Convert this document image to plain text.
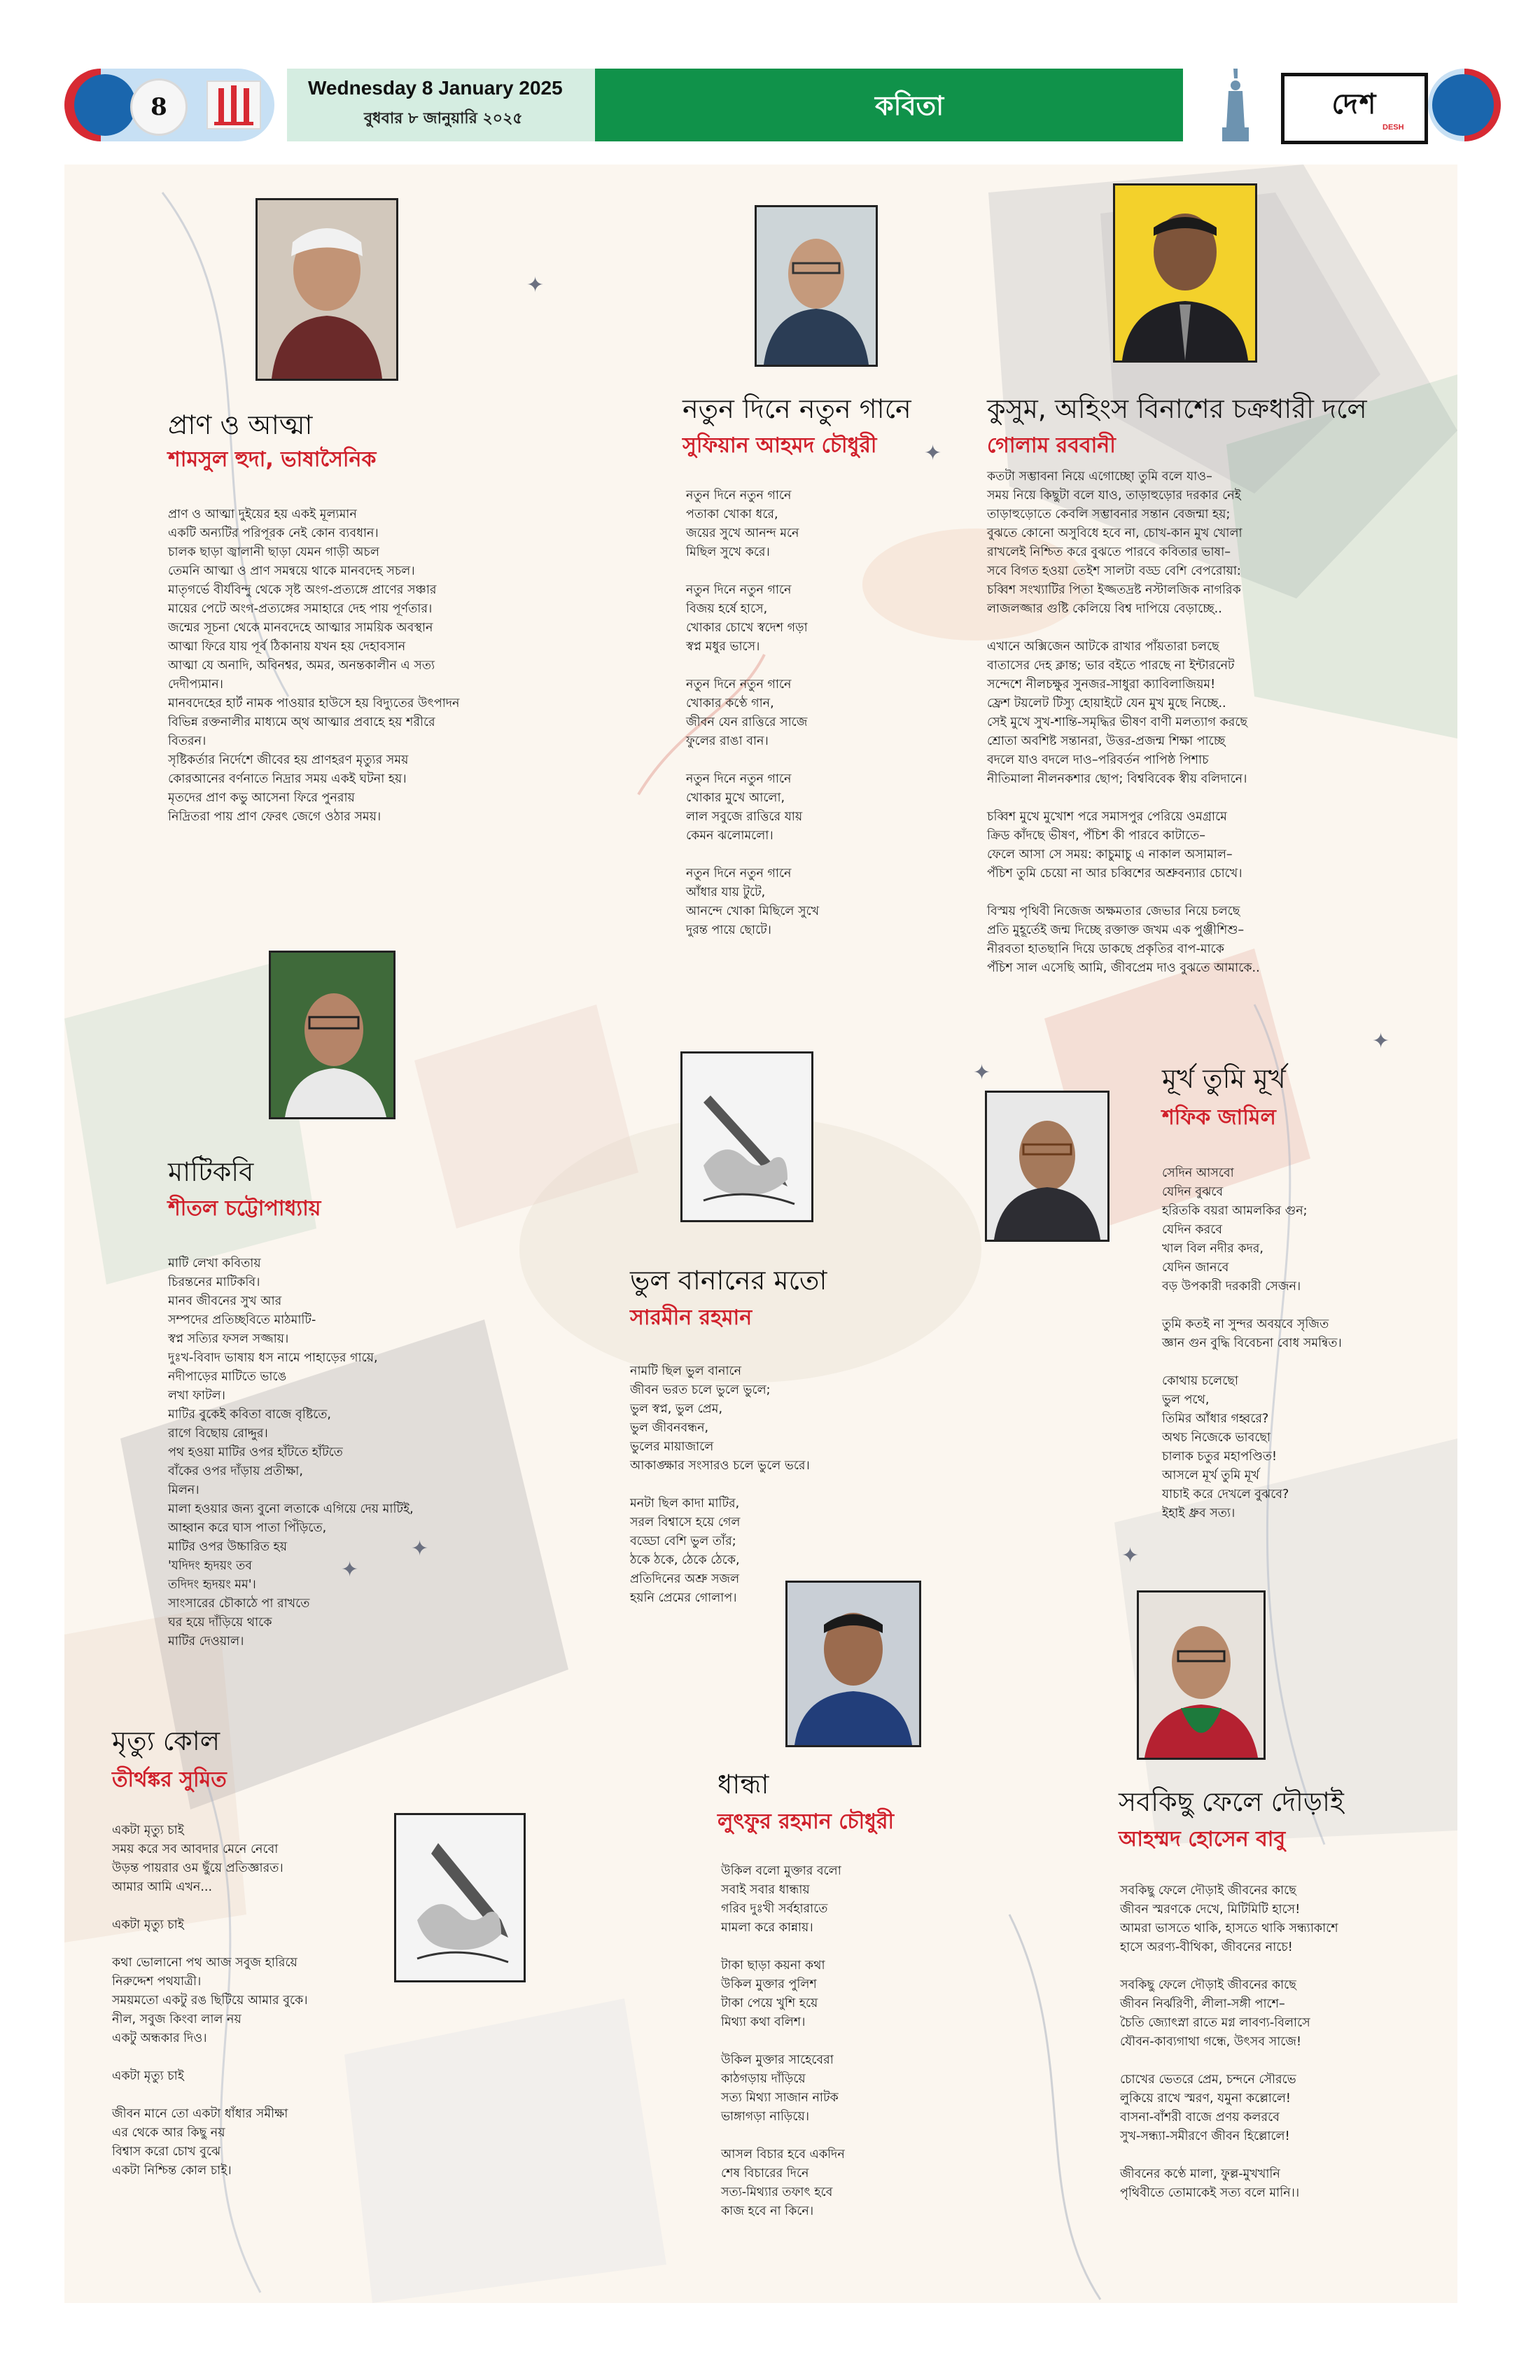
8
Wednesday 8 January 2025
বুধবার ৮ জানুয়ারি ২০২৫	কবিতা	দেশ
DESH
✦
✦
✦
✦
✦
✦	✦
প্রাণ ও আত্মা
শামসুল হুদা, ভাষাসৈনিক
প্রাণ ও আত্মা দুইয়ের হয় একই মূল্যমান
একটি অন্যটির পরিপূরক নেই কোন ব্যবধান।
চালক ছাড়া জ্বালানী ছাড়া যেমন গাড়ী অচল
তেমনি আত্মা ও প্রাণ সমন্বয়ে থাকে মানবদেহ সচল।
মাতৃগর্ভে বীর্যবিন্দু থেকে সৃষ্ট অংগ-প্রত্যঙ্গে প্রাণের সঞ্চার
মায়ের পেটে অংগ-প্রত্যঙ্গের সমাহারে দেহ পায় পূর্ণতার।
জন্মের সূচনা থেকে মানবদেহে আত্মার সাময়িক অবস্থান
আত্মা ফিরে যায় পূর্ব ঠিকানায় যখন হয় দেহাবসান
আত্মা যে অনাদি, অবিনশ্বর, অমর, অনন্তকালীন এ সত্য
দেদীপ্যমান।
মানবদেহের হার্ট নামক পাওয়ার হাউসে হয় বিদ্যুতের উৎপাদন
বিভিন্ন রক্তনালীর মাধ্যমে অ্থ আত্মার প্রবাহে হয় শরীরে
বিতরন।
সৃষ্টিকর্তার নির্দেশে জীবের হয় প্রাণহরণ মৃত্যুর সময়
কোরআনের বর্ণনাতে নিদ্রার সময় একই ঘটনা হয়।
মৃতদের প্রাণ কভু আসেনা ফিরে পুনরায়
নিদ্রিতরা পায় প্রাণ ফেরৎ জেগে ওঠার সময়।
নতুন দিনে নতুন গানে
সুফিয়ান আহমদ চৌধুরী
নতুন দিনে নতুন গানে
পতাকা খোকা ধরে,
জয়ের সুখে আনন্দ মনে
মিছিল সুখে করে।
নতুন দিনে নতুন গানে
বিজয় হর্ষে হাসে,
খোকার চোখে স্বদেশ গড়া
স্বপ্ন মধুর ভাসে।
নতুন দিনে নতুন গানে
খোকার কণ্ঠে গান,
জীবন যেন রাত্তিরে সাজে
ফুলের রাঙা বান।
নতুন দিনে নতুন গানে
খোকার মুখে আলো,
লাল সবুজে রাত্তিরে যায়
কেমন ঝলোমলো।
নতুন দিনে নতুন গানে
আঁধার যায় টুটে,
আনন্দে খোকা মিছিলে সুখে
দুরন্ত পায়ে ছোটে।
কুসুম, অহিংস বিনাশের চক্রধারী দলে
গোলাম রববানী
কতটা সম্ভাবনা নিয়ে এগোচ্ছো তুমি বলে যাও–
সময় নিয়ে কিছুটা বলে যাও, তাড়াহুড়োর দরকার নেই
তাড়াহুড়োতে কেবলি সম্ভাবনার সন্তান বেজন্মা হয়;
বুঝতে কোনো অসুবিধে হবে না, চোখ-কান মুখ খোলা
রাখলেই নিশ্চিত করে বুঝতে পারবে কবিতার ভাষা–
সবে বিগত হওয়া তেইশ সালটা বড্ড বেশি বেপরোয়া:
চব্বিশ সংখ্যাটির পিতা ইজ্জতদ্রষ্ট নস্টালজিক নাগরিক
লাজলজ্জার গুষ্টি কেলিয়ে বিশ্ব দাপিয়ে বেড়াচ্ছে..
এখানে অক্সিজেন আটকে রাখার পাঁয়তারা চলছে
বাতাসের দেহ ক্লান্ত; ভার বইতে পারছে না ইন্টারনেট
সন্দেশে নীলচক্ষুর সুনজর-সাধুরা ক্যাবিলাজিয়ম!
ফ্রেশ টয়লেট টিস্যু হোয়াইটে যেন মুখ মুছে নিচ্ছে..
সেই মুখে সুখ-শান্তি-সমৃদ্ধির ভীষণ বাণী মলত্যাগ করছে
শ্রোতা অবশিষ্ট সন্তানরা, উত্তর-প্রজন্ম শিক্ষা পাচ্ছে
বদলে যাও বদলে দাও–পরিবর্তন পাপিষ্ঠ পিশাচ
নীতিমালা নীলনকশার ছোপ; বিশ্ববিবেক স্বীয় বলিদানে।
চব্বিশ মুখে মুখোশ পরে সমাসপুর পেরিয়ে ওমগ্রামে
ক্রিড কাঁদছে ভীষণ, পঁচিশ কী পারবে কাটাতে–
ফেলে আসা সে সময়: কাচুমাচু এ নাকাল অসামাল–
পঁচিশ তুমি চেয়ো না আর চব্বিশের অশ্রুবন্যার চোখে।
বিস্ময় পৃথিবী নিজেজ অক্ষমতার জেভার নিয়ে চলছে
প্রতি মুহূর্তেই জন্ম দিচ্ছে রক্তাক্ত জখম এক পুঞ্জীশিশু–
নীরবতা হাতছানি দিয়ে ডাকছে প্রকৃতির বাপ-মাকে
পঁচিশ সাল এসেছি আমি, জীবপ্রেম দাও বুঝতে আমাকে..
মাটিকবি
শীতল চট্টোপাধ্যায়
মাটি লেখা কবিতায়
চিরন্তনের মাটিকবি।
মানব জীবনের সুখ আর
সম্পদের প্রতিচ্ছবিতে মাঠমাটি-
স্বপ্ন সত্যির ফসল সজ্জায়।
দুঃখ-বিবাদ ভাষায় ধস নামে পাহাড়ের গায়ে,
নদীপাড়ের মাটিতে ভাঙে
লখা ফাটল।
মাটির বুকেই কবিতা বাজে বৃষ্টিতে,
রাগে বিছোয় রোদ্দুর।
পথ হওয়া মাটির ওপর হাঁটতে হাঁটতে
বাঁকের ওপর দাঁড়ায় প্রতীক্ষা,
মিলন।
মালা হওয়ার জন্য বুনো লতাকে এগিয়ে দেয় মাটিই,
আহ্বান করে ঘাস পাতা পিঁড়িতে,
মাটির ওপর উচ্চারিত হয়
'যদিদং হৃদয়ং তব
তদিদং হৃদয়ং মম'।
সাংসারের চৌকাঠে পা রাখতে
ঘর হয়ে দাঁড়িয়ে থাকে
মাটির দেওয়াল।
ভুল বানানের মতো
সারমীন রহমান
নামটি ছিল ভুল বানানে
জীবন ভরত চলে ভুলে ভুলে;
ভুল স্বপ্ন, ভুল প্রেম,
ভুল জীবনবন্ধন,
ভুলের মায়াজালে
আকাঙ্ক্ষার সংসারও চলে ভুলে ভরে।
মনটা ছিল কাদা মাটির,
সরল বিশ্বাসে হয়ে গেল
বড্ডো বেশি ভুল তাঁর;
ঠকে ঠকে, ঠেকে ঠেকে,
প্রতিদিনের অশ্রু সজল
হয়নি প্রেমের গোলাপ।
মূর্খ তুমি মূর্খ
শফিক জামিল
সেদিন আসবো
যেদিন বুঝবে
হরিতকি বয়রা আমলকির গুন;
যেদিন করবে
খাল বিল নদীর কদর,
যেদিন জানবে
বড় উপকারী দরকারী সেজন।
তুমি কতই না সুন্দর অবয়বে সৃজিত
জ্ঞান গুন বুদ্ধি বিবেচনা বোধ সমন্বিত।
কোথায় চলেছো
ভুল পথে,
তিমির আঁধার গহ্বরে?
অথচ নিজেকে ভাবছো
চালাক চতুর মহাপণ্ডিত!
আসলে মূর্খ তুমি মূর্খ
যাচাই করে দেখলে বুঝবে?
ইহাই ধ্রুব সত্য।
মৃত্যু কোল
তীর্থঙ্কর সুমিত
একটা মৃত্যু চাই
সময় করে সব আবদার মেনে নেবো
উড়ন্ত পায়রার ওম ছুঁয়ে প্রতিজ্ঞারত।
আমার আমি এখন...
একটা মৃত্যু চাই
কথা ভোলানো পথ আজ সবুজ হারিয়ে
নিরুদ্দেশ পথযাত্রী।
সময়মতো একটু রঙ ছিটিয়ে আমার বুকে।
নীল, সবুজ কিংবা লাল নয়
একটু অন্ধকার দিও।
একটা মৃত্যু চাই
জীবন মানে তো একটা ধাঁধার সমীক্ষা
এর থেকে আর কিছু নয়
বিশ্বাস করো চোখ বুঝে
একটা নিশ্চিন্ত কোল চাই।
ধান্ধা
লুৎফুর রহমান চৌধুরী
উকিল বলো মুক্তার বলো
সবাই সবার ধান্ধায়
গরিব দুঃখী সর্বহারাতে
মামলা করে কান্নায়।
টাকা ছাড়া কয়না কথা
উকিল মুক্তার পুলিশ
টাকা পেয়ে খুশি হয়ে
মিথ্যা কথা বলিশ।
উকিল মুক্তার সাহেবেরা
কাঠগড়ায় দাঁড়িয়ে
সত্য মিথ্যা সাজান নাটক
ভাঙ্গাগড়া নাড়িয়ে।
আসল বিচার হবে একদিন
শেষ বিচারের দিনে
সত্য-মিথ্যার তফাৎ হবে
কাজ হবে না কিনে।
সবকিছু ফেলে দৌড়াই
আহম্মদ হোসেন বাবু
সবকিছু ফেলে দৌড়াই জীবনের কাছে
জীবন স্মরণকে দেখে, মিটিমিটি হাসে!
আমরা ভাসতে থাকি, হাসতে থাকি সন্ধ্যাকাশে
হাসে অরণ্য-বীথিকা, জীবনের নাচে!
সবকিছু ফেলে দৌড়াই জীবনের কাছে
জীবন নির্ঝরিণী, লীলা-সঙ্গী পাশে–
চৈতি জ্যোৎস্না রাতে মগ্ন লাবণ্য-বিলাসে
যৌবন-কাব্যগাথা গন্ধে, উৎসব সাজে!
চোখের ভেতরে প্রেম, চন্দনে সৌরভে
লুকিয়ে রাখে স্মরণ, যমুনা কল্লোলে!
বাসনা-বাঁশরী বাজে প্রণয় কলরবে
সুখ-সন্ধ্যা-সমীরণে জীবন হিল্লোলে!
জীবনের কণ্ঠে মালা, ফুল্ল-মুখখানি
পৃথিবীতে তোমাকেই সত্য বলে মানি।।
